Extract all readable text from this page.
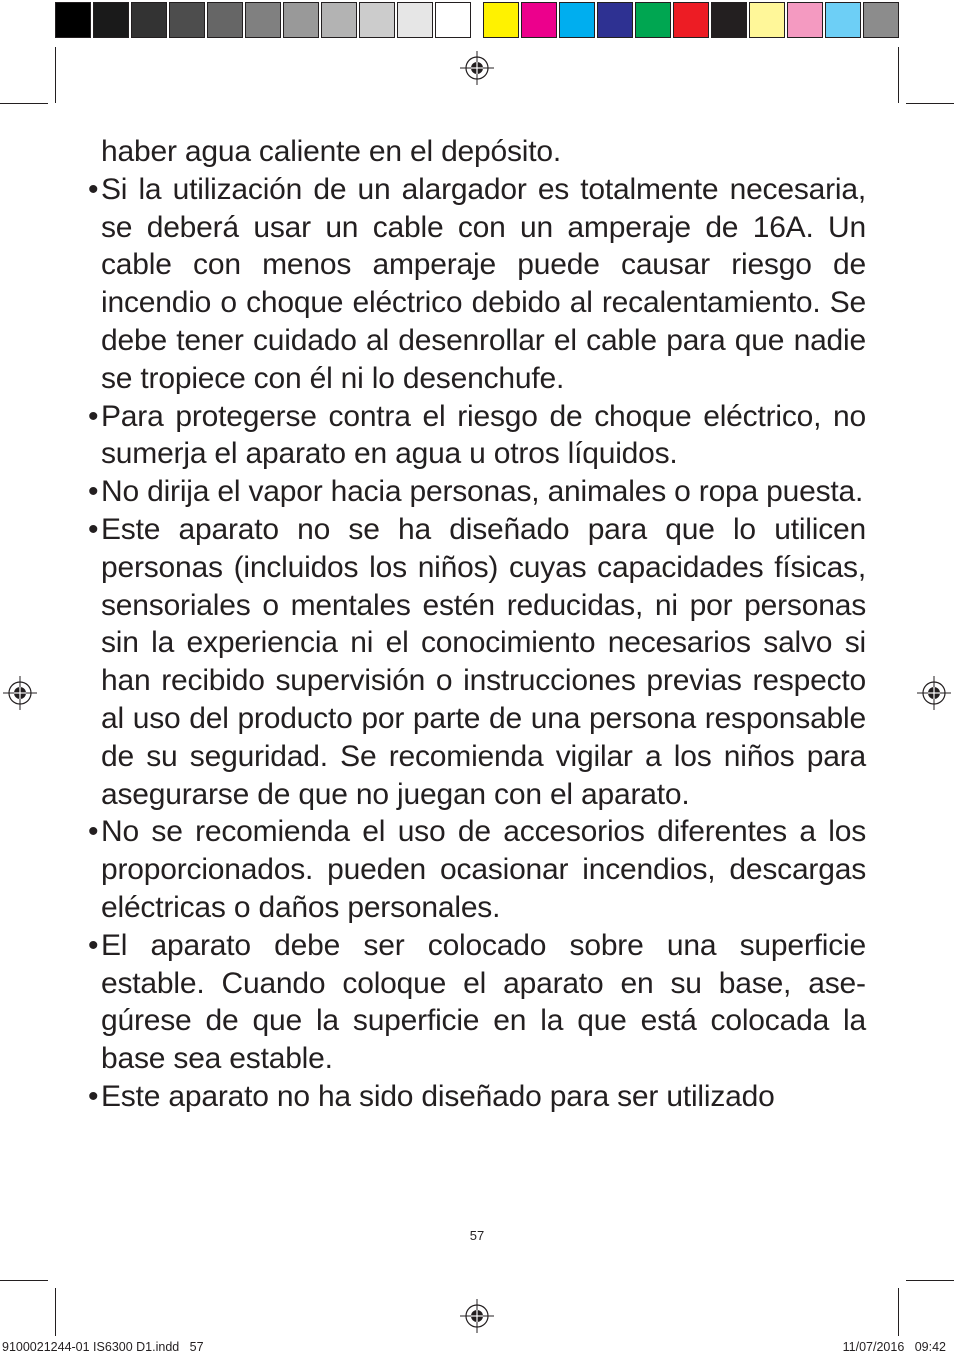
haber agua caliente en el depósito.

• Si la utilización de un alargador es totalmente necesaria, se deberá usar un cable con un amperaje de 16A. Un cable con menos amperaje puede causar riesgo de incendio o choque eléctrico debido al recalentamiento. Se debe tener cuidado al desenrollar el cable para que nadie se tropiece con él ni lo desenchufe.
• Para protegerse contra el riesgo de choque eléctrico, no sumerja el aparato en agua u otros líquidos.
• No dirija el vapor hacia personas, animales o ropa puesta.
• Este aparato no se ha diseñado para que lo utilicen personas (incluidos los niños) cuyas capacidades físicas, sensoriales o mentales estén reducidas, ni por personas sin la experiencia ni el conocimiento necesarios salvo si han recibido supervisión o instrucciones previas respecto al uso del producto por parte de una persona responsable de su seguridad. Se recomienda vigilar a los niños para asegurarse de que no juegan con el aparato.
• No se recomienda el uso de accesorios diferentes a los proporcionados. pueden ocasionar incendios, descargas eléctricas o daños personales.
• El aparato debe ser colocado sobre una superficie estable. Cuando coloque el aparato en su base, asegúrese de que la superficie en la que está colocada la base sea estable.
• Este aparato no ha sido diseñado para ser utilizado
57
9100021244-01 IS6300 D1.indd   57	11/07/2016   09:42
